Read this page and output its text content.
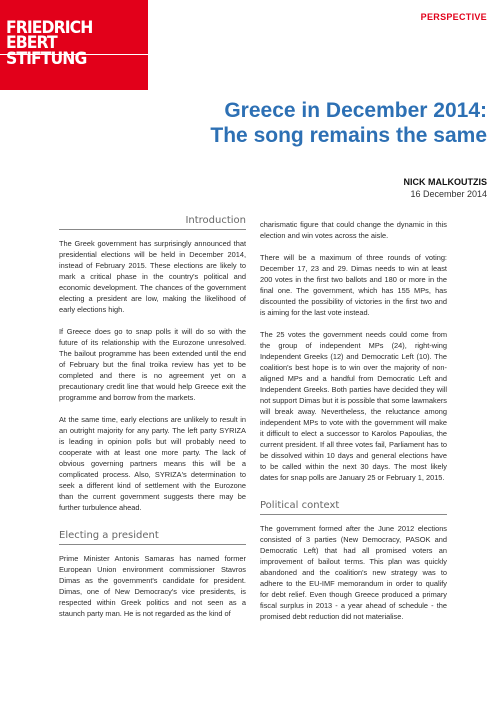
FRIEDRICH
EBERT
STIFTUNG
PERSPECTIVE
Greece in December 2014:
The song remains the same
NICK MALKOUTZIS
16 December 2014
Introduction

The Greek government has surprisingly announced that presidential elections will be held in December 2014, instead of February 2015. These elections are likely to mark a critical phase in the country's political and economic development. The chances of the government electing a president are low, making the likelihood of early elections high.

If Greece does go to snap polls it will do so with the future of its relationship with the Eurozone unresolved. The bailout programme has been extended until the end of February but the final troika review has yet to be completed and there is no agreement yet on a precautionary credit line that would help Greece exit the programme and borrow from the markets.

At the same time, early elections are unlikely to result in an outright majority for any party. The left party SYRIZA is leading in opinion polls but will probably need to cooperate with at least one more party. The lack of obvious governing partners means this will be a complicated process. Also, SYRIZA's determination to seek a different kind of settlement with the Eurozone than the current government suggests there may be further turbulence ahead.

Electing a president

Prime Minister Antonis Samaras has named former European Union environment commissioner Stavros Dimas as the government's candidate for president. Dimas, one of New Democracy's vice presidents, is respected within Greek politics and not seen as a staunch party man. He is not regarded as the kind of

charismatic figure that could change the dynamic in this election and win votes across the aisle.

There will be a maximum of three rounds of voting: December 17, 23 and 29. Dimas needs to win at least 200 votes in the first two ballots and 180 or more in the final one. The government, which has 155 MPs, has discounted the possibility of victories in the first two and is aiming for the last vote instead.

The 25 votes the government needs could come from the group of independent MPs (24), right-wing Independent Greeks (12) and Democratic Left (10). The coalition's best hope is to win over the majority of non-aligned MPs and a handful from Democratic Left and Independent Greeks. Both parties have decided they will not support Dimas but it is possible that some lawmakers will break away. Nevertheless, the reluctance among independent MPs to vote with the government will make it difficult to elect a successor to Karolos Papoulias, the current president. If all three votes fail, Parliament has to be dissolved within 10 days and general elections have to be called within the next 30 days. The most likely dates for snap polls are January 25 or February 1, 2015.

Political context

The government formed after the June 2012 elections consisted of 3 parties (New Democracy, PASOK and Democratic Left) that had all promised voters an improvement of bailout terms. This plan was quickly abandoned and the coalition's new strategy was to adhere to the EU-IMF memorandum in order to qualify for debt relief. Even though Greece produced a primary fiscal surplus in 2013 - a year ahead of schedule - the promised debt reduction did not materialise.
